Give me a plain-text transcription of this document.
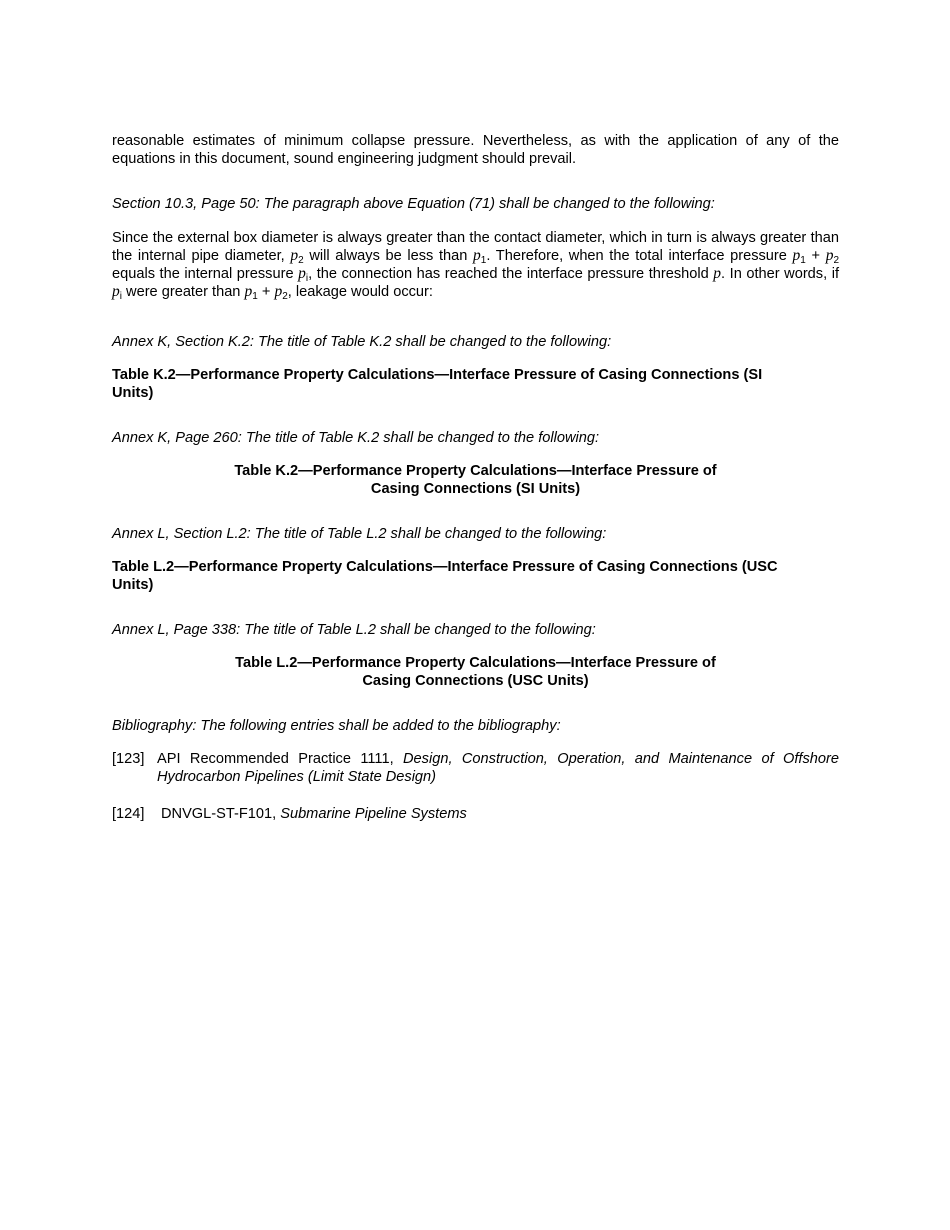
reasonable estimates of minimum collapse pressure. Nevertheless, as with the application of any of the equations in this document, sound engineering judgment should prevail.

Section 10.3, Page 50: The paragraph above Equation (71) shall be changed to the following:

Since the external box diameter is always greater than the contact diameter, which in turn is always greater than the internal pipe diameter, $p_2$ will always be less than $p_1$. Therefore, when the total interface pressure $p_1 + p_2$ equals the internal pressure $p_i$, the connection has reached the interface pressure threshold p. In other words, if $p_i$ were greater than $p_1 + p_2$, leakage would occur:

Annex K, Section K.2: The title of Table K.2 shall be changed to the following:

Table K.2—Performance Property Calculations—Interface Pressure of Casing Connections (SI Units)

Annex K, Page 260: The title of Table K.2 shall be changed to the following:

Table K.2—Performance Property Calculations—Interface Pressure of
Casing Connections (SI Units)

Annex L, Section L.2: The title of Table L.2 shall be changed to the following:

Table L.2—Performance Property Calculations—Interface Pressure of Casing Connections (USC Units)

Annex L, Page 338: The title of Table L.2 shall be changed to the following:

Table L.2—Performance Property Calculations—Interface Pressure of
Casing Connections (USC Units)

Bibliography: The following entries shall be added to the bibliography:

[123] API Recommended Practice 1111, Design, Construction, Operation, and Maintenance of Offshore Hydrocarbon Pipelines (Limit State Design)
[124]	DNVGL-ST-F101, Submarine Pipeline Systems
